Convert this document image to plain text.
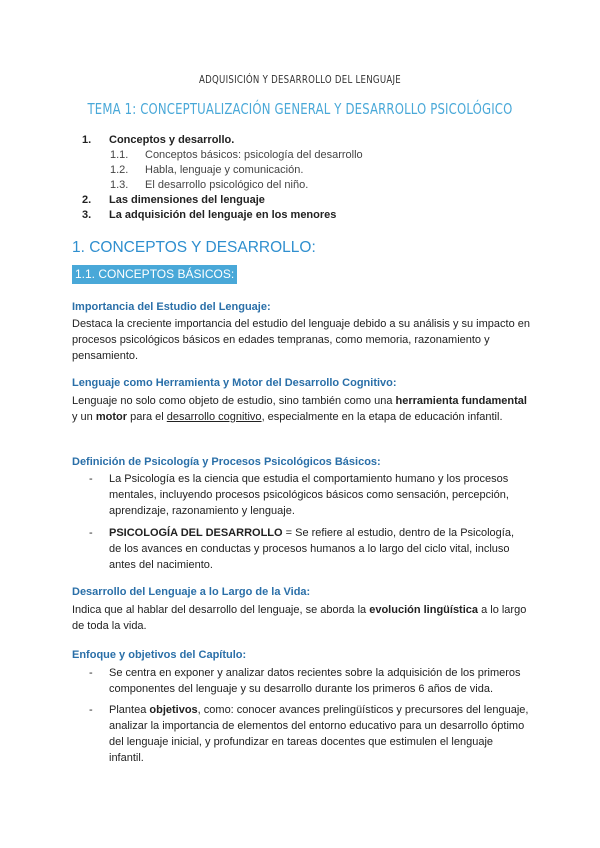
ADQUISICIÓN Y DESARROLLO DEL LENGUAJE
TEMA 1: CONCEPTUALIZACIÓN GENERAL Y DESARROLLO PSICOLÓGICO
1. Conceptos y desarrollo.
1.1. Conceptos básicos: psicología del desarrollo
1.2. Habla, lenguaje y comunicación.
1.3. El desarrollo psicológico del niño.
2. Las dimensiones del lenguaje
3. La adquisición del lenguaje en los menores
1. CONCEPTOS Y DESARROLLO:
1.1. CONCEPTOS BÁSICOS:
Importancia del Estudio del Lenguaje:
Destaca la creciente importancia del estudio del lenguaje debido a su análisis y su impacto en procesos psicológicos básicos en edades tempranas, como memoria, razonamiento y pensamiento.
Lenguaje como Herramienta y Motor del Desarrollo Cognitivo:
Lenguaje no solo como objeto de estudio, sino también como una herramienta fundamental y un motor para el desarrollo cognitivo, especialmente en la etapa de educación infantil.
Definición de Psicología y Procesos Psicológicos Básicos:
- La Psicología es la ciencia que estudia el comportamiento humano y los procesos mentales, incluyendo procesos psicológicos básicos como sensación, percepción, aprendizaje, razonamiento y lenguaje.
- PSICOLOGÍA DEL DESARROLLO = Se refiere al estudio, dentro de la Psicología, de los avances en conductas y procesos humanos a lo largo del ciclo vital, incluso antes del nacimiento.
Desarrollo del Lenguaje a lo Largo de la Vida:
Indica que al hablar del desarrollo del lenguaje, se aborda la evolución lingüística a lo largo de toda la vida.
Enfoque y objetivos del Capítulo:
- Se centra en exponer y analizar datos recientes sobre la adquisición de los primeros componentes del lenguaje y su desarrollo durante los primeros 6 años de vida.
- Plantea objetivos, como: conocer avances prelingüísticos y precursores del lenguaje, analizar la importancia de elementos del entorno educativo para un desarrollo óptimo del lenguaje inicial, y profundizar en tareas docentes que estimulen el lenguaje infantil.
